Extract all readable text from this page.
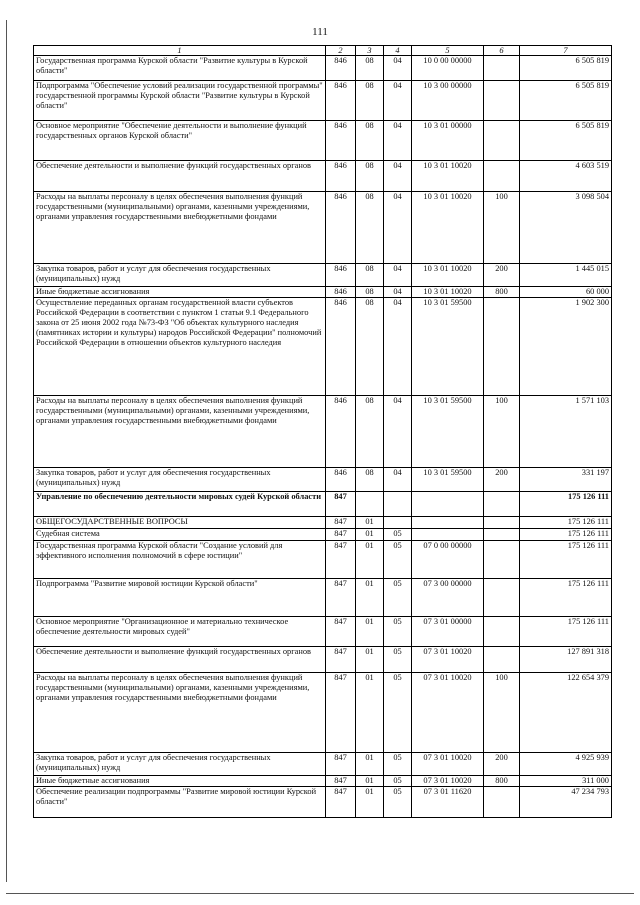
111
1	2	3	4	5	6	7
Государственная программа Курской области "Развитие культуры в Курской области"	846	08	04	10 0 00 00000		6 505 819
Подпрограмма "Обеспечение условий реализации государственной программы" государственной программы Курской области "Развитие культуры в Курской области"	846	08	04	10 3 00 00000		6 505 819
Основное мероприятие "Обеспечение деятельности и выполнение функций государственных органов Курской области"	846	08	04	10 3 01 00000		6 505 819
Обеспечение деятельности и выполнение функций государственных органов	846	08	04	10 3 01 10020		4 603 519
Расходы на выплаты персоналу в целях обеспечения выполнения функций государственными (муниципальными) органами, казенными учреждениями, органами управления государственными внебюджетными фондами	846	08	04	10 3 01 10020	100	3 098 504
Закупка товаров, работ и услуг для обеспечения государственных (муниципальных) нужд	846	08	04	10 3 01 10020	200	1 445 015
Иные бюджетные ассигнования	846	08	04	10 3 01 10020	800	60 000
Осуществление переданных органам государственной власти субъектов Российской Федерации в соответствии с пунктом 1 статьи 9.1 Федерального закона от 25 июня 2002 года №73-ФЗ "Об объектах культурного наследия (памятниках истории и культуры) народов Российской Федерации" полномочий Российской Федерации в отношении объектов культурного наследия	846	08	04	10 3 01 59500		1 902 300
Расходы на выплаты персоналу в целях обеспечения выполнения функций государственными (муниципальными) органами, казенными учреждениями, органами управления государственными внебюджетными фондами	846	08	04	10 3 01 59500	100	1 571 103
Закупка товаров, работ и услуг для обеспечения государственных (муниципальных) нужд	846	08	04	10 3 01 59500	200	331 197
Управление по обеспечению деятельности мировых судей Курской области	847					175 126 111
ОБЩЕГОСУДАРСТВЕННЫЕ ВОПРОСЫ	847	01				175 126 111
Судебная система	847	01	05			175 126 111
Государственная программа Курской области "Создание условий для эффективного исполнения полномочий в сфере юстиции"	847	01	05	07 0 00 00000		175 126 111
Подпрограмма "Развитие мировой юстиции Курской области"	847	01	05	07 3 00 00000		175 126 111
Основное мероприятие "Организационное и материально техническое обеспечение деятельности мировых судей"	847	01	05	07 3 01 00000		175 126 111
Обеспечение деятельности и выполнение функций государственных органов	847	01	05	07 3 01 10020		127 891 318
Расходы на выплаты персоналу в целях обеспечения выполнения функций государственными (муниципальными) органами, казенными учреждениями, органами управления государственными внебюджетными фондами	847	01	05	07 3 01 10020	100	122 654 379
Закупка товаров, работ и услуг для обеспечения государственных (муниципальных) нужд	847	01	05	07 3 01 10020	200	4 925 939
Иные бюджетные ассигнования	847	01	05	07 3 01 10020	800	311 000
Обеспечение реализации подпрограммы "Развитие мировой юстиции Курской области"	847	01	05	07 3 01 11620		47 234 793
